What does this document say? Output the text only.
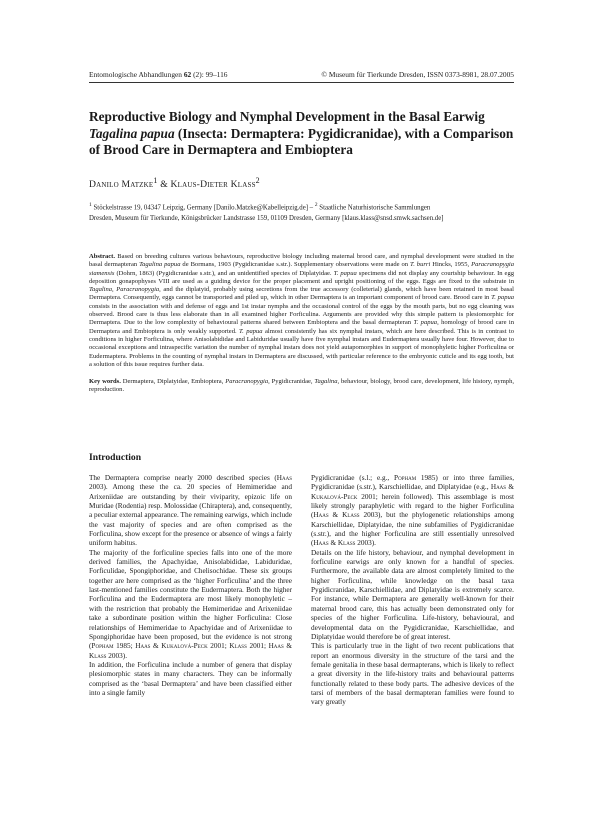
Entomologische Abhandlungen 62 (2): 99–116	© Museum für Tierkunde Dresden, ISSN 0373-8981, 28.07.2005
Reproductive Biology and Nymphal Development in the Basal Earwig Tagalina papua (Insecta: Dermaptera: Pygidicranidae), with a Comparison of Brood Care in Dermaptera and Embioptera
Danilo Matzke$^1$ & Klaus-Dieter Klass$^2$
$^1$ Stöckelstrasse 19, 04347 Leipzig, Germany [Danilo.Matzke@Kabelleipzig.de] – $^2$ Staatliche Naturhistorische Sammlungen
Dresden, Museum für Tierkunde, Königsbrücker Landstrasse 159, 01109 Dresden, Germany [klaus.klass@snsd.smwk.sachsen.de]

Abstract. Based on breeding cultures various behaviours, reproductive biology including maternal brood care, and nymphal development were studied in the basal dermapteran Tagalina papua de Bormans, 1903 (Pygidicranidae s.str.). Supplementary observations were made on T. burri Hincks, 1955, Paracranopygia siamensis (Dohrn, 1863) (Pygidicranidae s.str.), and an unidentified species of Diplatyidae. T. papua specimens did not display any courtship behaviour. In egg deposition gonapophyses VIII are used as a guiding device for the proper placement and upright positioning of the eggs. Eggs are fixed to the substrate in Tagalina, Paracranopygia, and the diplatyid, probably using secretions from the true accessory (colleterial) glands, which have been retained in most basal Dermaptera. Consequently, eggs cannot be transported and piled up, which in other Dermaptera is an important component of brood care. Brood care in T. papua consists in the association with and defense of eggs and 1st instar nymphs and the occasional control of the eggs by the mouth parts, but no egg cleaning was observed. Brood care is thus less elaborate than in all examined higher Forficulina. Arguments are provided why this simple pattern is plesiomorphic for Dermaptera. Due to the low complexity of behavioural patterns shared between Embioptera and the basal dermapteran T. papua, homology of brood care in Dermaptera and Embioptera is only weakly supported. T. papua almost consistently has six nymphal instars, which are here described. This is in contrast to conditions in higher Forficulina, where Anisolabididae and Labiduridae usually have five nymphal instars and Eudermaptera usually have four. However, due to occasional exceptions and intraspecific variation the number of nymphal instars does not yield autapomorphies in support of monophyletic higher Forficulina or Eudermaptera. Problems in the counting of nymphal instars in Dermaptera are discussed, with particular reference to the embryonic cuticle and its egg tooth, but a solution of this issue requires further data.

Key words. Dermaptera, Diplatyidae, Embioptera, Paracranopygia, Pygidicranidae, Tagalina, behaviour, biology, brood care, development, life history, nymph, reproduction.

Introduction

The Dermaptera comprise nearly 2000 described species (Haas 2003). Among these the ca. 20 species of Hemimeridae and Arixeniidae are outstanding by their viviparity, epizoic life on Muridae (Rodentia) resp. Molossidae (Chiraptera), and, consequently, a peculiar external appearance. The remaining earwigs, which include the vast majority of species and are often comprised as the Forficulina, show except for the presence or absence of wings a fairly uniform habitus.

The majority of the forficuline species falls into one of the more derived families, the Apachyidae, Anisolabididae, Labiduridae, Forficulidae, Spongiphoridae, and Chelisochidae. These six groups together are here comprised as the ‘higher Forficulina’ and the three last-mentioned families constitute the Eudermaptera. Both the higher Forficulina and the Eudermaptera are most likely monophyletic – with the restriction that probably the Hemimeridae and Arixeniidae take a subordinate position within the higher Forficulina: Close relationships of Hemimeridae to Apachyidae and of Arixeniidae to Spongiphoridae have been proposed, but the evidence is not strong (Popham 1985; Haas & Kukalová-Peck 2001; Klass 2001; Haas & Klass 2003).

In addition, the Forficulina include a number of genera that display plesiomorphic states in many characters. They can be informally comprised as the ‘basal Dermaptera’ and have been classified either into a single family

Pygidicranidae (s.l.; e.g., Popham 1985) or into three families, Pygidicranidae (s.str.), Karschiellidae, and Diplatyidae (e.g., Haas & Kukalová-Peck 2001; herein followed). This assemblage is most likely strongly paraphyletic with regard to the higher Forficulina (Haas & Klass 2003), but the phylogenetic relationships among Karschiellidae, Diplatyidae, the nine subfamilies of Pygidicranidae (s.str.), and the higher Forficulina are still essentially unresolved (Haas & Klass 2003).

Details on the life history, behaviour, and nymphal development in forficuline earwigs are only known for a handful of species. Furthermore, the available data are almost completely limited to the higher Forficulina, while knowledge on the basal taxa Pygidicranidae, Karschiellidae, and Diplatyidae is extremely scarce. For instance, while Dermaptera are generally well-known for their maternal brood care, this has actually been demonstrated only for species of the higher Forficulina. Life-history, behavioural, and developmental data on the Pygidicranidae, Karschiellidae, and Diplatyidae would therefore be of great interest.

This is particularly true in the light of two recent publications that report an enormous diversity in the structure of the tarsi and the female genitalia in these basal dermapterans, which is likely to reflect a great diversity in the life-history traits and behavioural patterns functionally related to these body parts. The adhesive devices of the tarsi of members of the basal dermapteran families were found to vary greatly
